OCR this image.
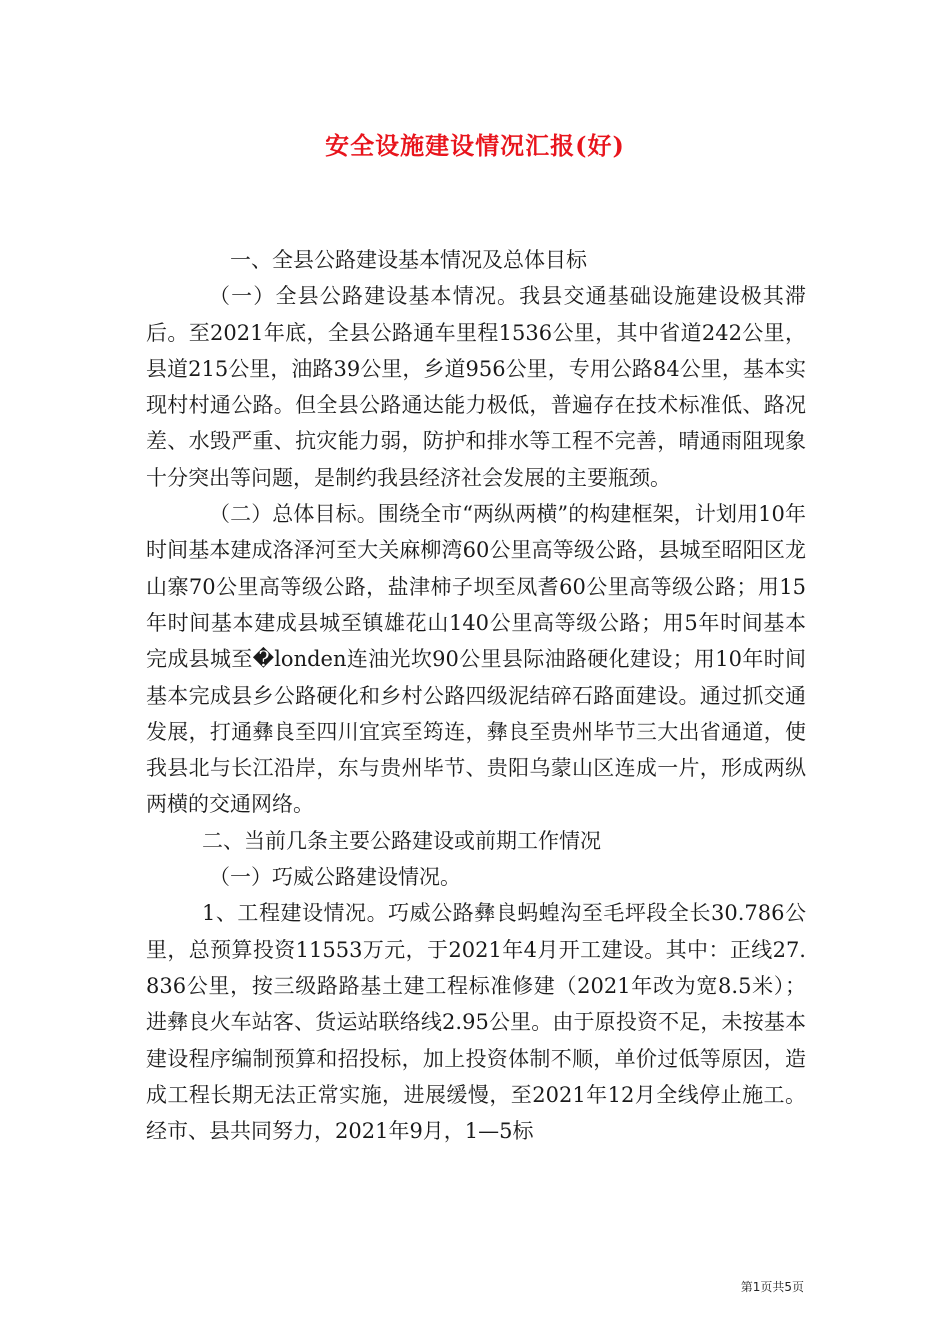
安全设施建设情况汇报(好)

一、全县公路建设基本情况及总体目标

（一）全县公路建设基本情况。我县交通基础设施建设极其滞后。至2021年底，全县公路通车里程1536公里，其中省道242公里，县道215公里，油路39公里，乡道956公里，专用公路84公里，基本实现村村通公路。但全县公路通达能力极低，普遍存在技术标准低、路况差、水毁严重、抗灾能力弱，防护和排水等工程不完善，晴通雨阻现象十分突出等问题，是制约我县经济社会发展的主要瓶颈。

（二）总体目标。围绕全市“两纵两横”的构建框架，计划用10年时间基本建成洛泽河至大关麻柳湾60公里高等级公路，县城至昭阳区龙山寨70公里高等级公路，盐津柿子坝至凤耆60公里高等级公路；用15年时间基本建成县城至镇雄花山140公里高等级公路；用5年时间基本完成县城至�londen连油光坎90公里县际油路硬化建设；用10年时间基本完成县乡公路硬化和乡村公路四级泥结碎石路面建设。通过抓交通发展，打通彝良至四川宜宾至筠连，彝良至贵州毕节三大出省通道，使我县北与长江沿岸，东与贵州毕节、贵阳乌蒙山区连成一片，形成两纵两横的交通网络。

二、当前几条主要公路建设或前期工作情况

（一）巧威公路建设情况。

1、工程建设情况。巧威公路彝良蚂蝗沟至毛坪段全长30.786公里，总预算投资11553万元，于2021年4月开工建设。其中：正线27.836公里，按三级路路基土建工程标准修建（2021年改为宽8.5米）；进彝良火车站客、货运站联络线2.95公里。由于原投资不足，未按基本建设程序编制预算和招投标，加上投资体制不顺，单价过低等原因，造成工程长期无法正常实施，进展缓慢，至2021年12月全线停止施工。经市、县共同努力，2021年9月，1—5标

第1页共5页
